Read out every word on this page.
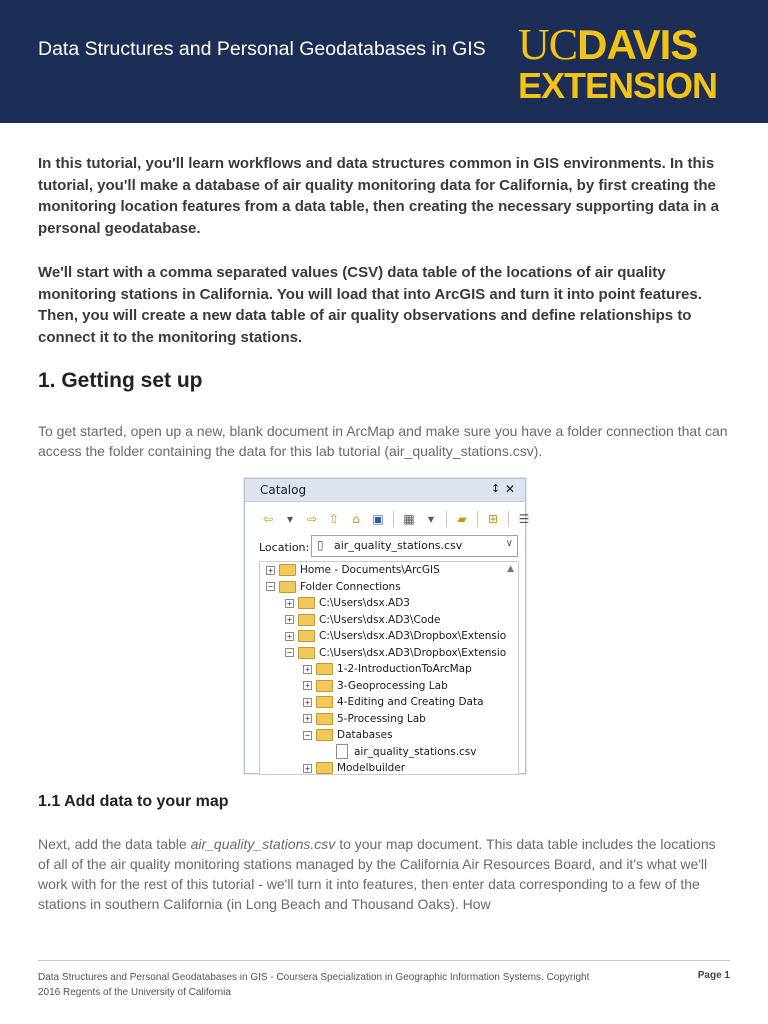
Data Structures and Personal Geodatabases in GIS UCDAVIS
EXTENSION

In this tutorial, you'll learn workflows and data structures common in GIS environments. In this tutorial, you'll make a database of air quality monitoring data for California, by first creating the monitoring location features from a data table, then creating the necessary supporting data in a personal geodatabase.

We'll start with a comma separated values (CSV) data table of the locations of air quality monitoring stations in California. You will load that into ArcGIS and turn it into point features. Then, you will create a new data table of air quality observations and define relationships to connect it to the monitoring stations.

1. Getting set up

To get started, open up a new, blank document in ArcMap and make sure you have a folder connection that can access the folder containing the data for this lab tutorial (air_quality_stations.csv).

Catalog	↕ ✕
⇦	▾	⇨ ⇧	⌂	▣ ▦	▾	▰	⊞	☰
Location: ▯ air_quality_stations.csv	∨
▲
+	Home - Documents\ArcGIS
−	Folder Connections
+	C:\Users\dsx.AD3
+	C:\Users\dsx.AD3\Code
+	C:\Users\dsx.AD3\Dropbox\Extensio
−	C:\Users\dsx.AD3\Dropbox\Extensio
+	1-2-IntroductionToArcMap
+	3-Geoprocessing Lab
+	4-Editing and Creating Data
+	5-Processing Lab
−	Databases
air_quality_stations.csv
+	Modelbuilder
1.1 Add data to your map

Next, add the data table air_quality_stations.csv to your map document. This data table includes the locations of all of the air quality monitoring stations managed by the California Air Resources Board, and it's what we'll work with for the rest of this tutorial - we'll turn it into features, then enter data corresponding to a few of the stations in southern California (in Long Beach and Thousand Oaks). How

Data Structures and Personal Geodatabases in GIS - Coursera Specialization in Geographic Information Systems. Copyright 2016 Regents of the University of California
Page 1
